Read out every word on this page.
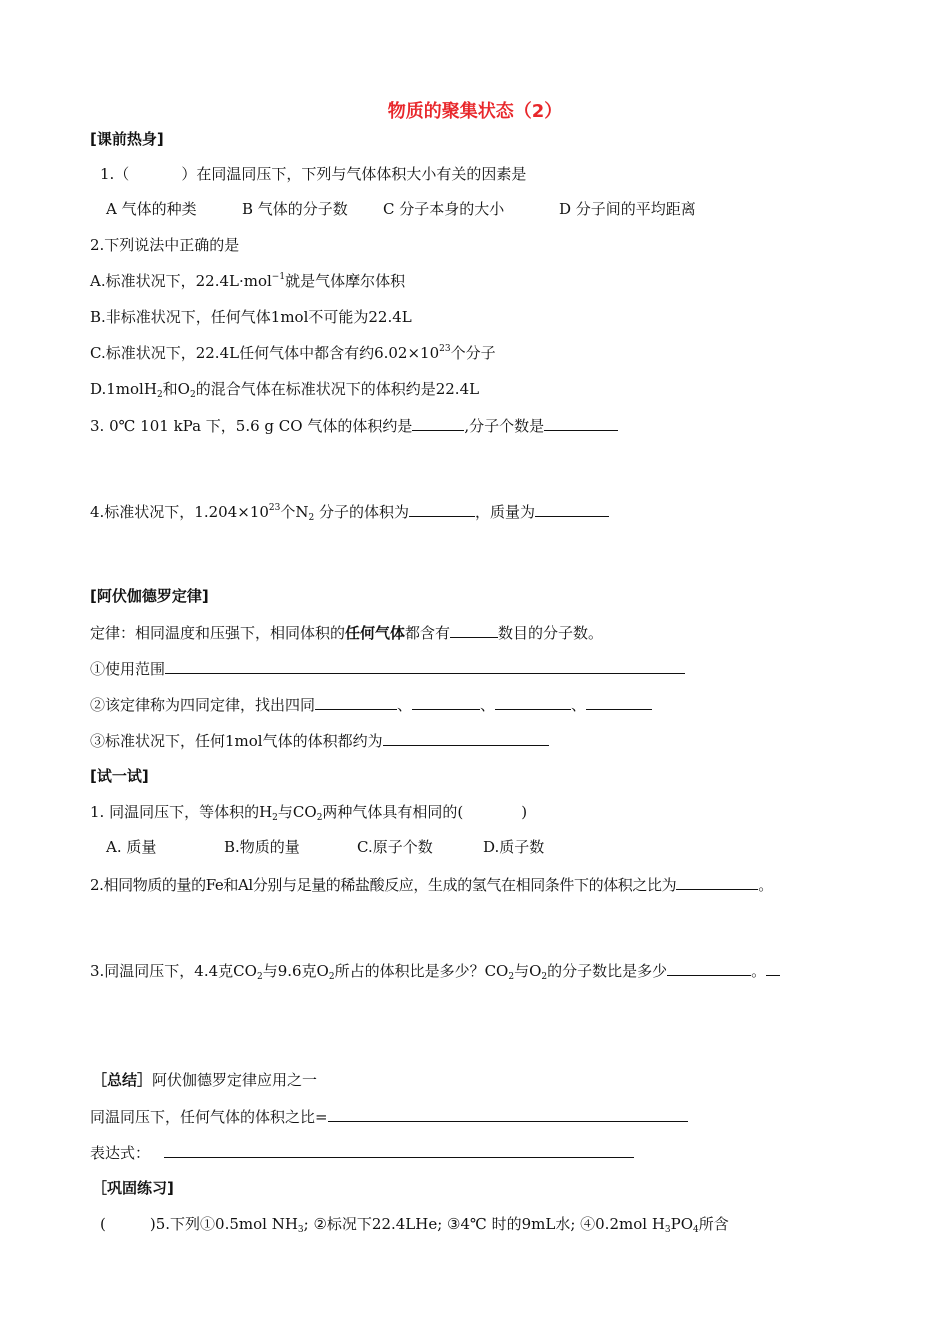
物质的聚集状态（2）
[课前热身]
1.（	）在同温同压下，下列与气体体积大小有关的因素是
A 气体的种类	B 气体的分子数 C 分子本身的大小	D 分子间的平均距离
2.下列说法中正确的是
A.标准状况下，22.4L·mol$^{-1}$就是气体摩尔体积
B.非标准状况下，任何气体1mol不可能为22.4L
C.标准状况下，22.4L任何气体中都含有约$6.02\times 10^{23}$个分子
D.1molH$_2$和$O_2$的混合气体在标准状况下的体积约是22.4L
3. 0℃ 101 kPa 下，5.6 g CO 气体的体积约是	,分子个数是
4.标准状况下，$1.204\times 10^{23}$个$N_2$ 分子的体积为	，质量为
[阿伏伽德罗定律]
定律：相同温度和压强下，相同体积的任何气体都含有	数目的分子数。
①使用范围
②该定律称为四同定律，找出四同	、	、	、
③标准状况下，任何1mol气体的体积都约为
[试一试]
1. 同温同压下，等体积的$H_2$与$CO_2$两种气体具有相同的(	)
A. 质量	B.物质的量	C.原子个数	D.质子数
2.相同物质的量的Fe和Al分别与足量的稀盐酸反应，生成的氢气在相同条件下的体积之比为	。
3.同温同压下，4.4克$CO_2$与9.6克$O_2$所占的体积比是多少？$CO_2$与$O_2$的分子数比是多少	。
［总结］阿伏伽德罗定律应用之一
同温同压下，任何气体的体积之比=
表达式：
［巩固练习]
(	)5.下列①0.5mol $NH_3$; ②标况下22.4LHe; ③4℃ 时的9mL水; ④0.2mol $H_3PO_4$所含
